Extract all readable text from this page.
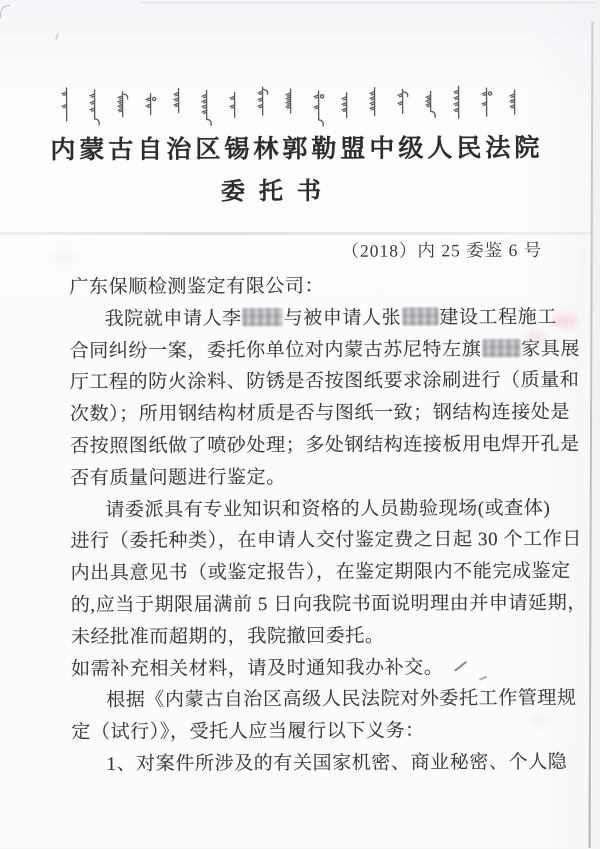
内蒙古自治区锡林郭勒盟中级人民法院
委托书
（2018）内 25 委鉴 6 号
广东保顺检测鉴定有限公司：
我院就申请人李 与被申请人张 建设工程施工
合同纠纷一案，委托你单位对内蒙古苏尼特左旗 家具展
厅工程的防火涂料、防锈是否按图纸要求涂刷进行（质量和
次数）；所用钢结构材质是否与图纸一致；钢结构连接处是
否按照图纸做了喷砂处理；多处钢结构连接板用电焊开孔是
否有质量问题进行鉴定。
请委派具有专业知识和资格的人员勘验现场(或查体)
进行（委托种类），在申请人交付鉴定费之日起 30 个工作日
内出具意见书（或鉴定报告），在鉴定期限内不能完成鉴定
的,应当于期限届满前 5 日向我院书面说明理由并申请延期，
未经批准而超期的，我院撤回委托。
如需补充相关材料，请及时通知我办补交。
根据《内蒙古自治区高级人民法院对外委托工作管理规
定（试行）》，受托人应当履行以下义务：
1、对案件所涉及的有关国家机密、商业秘密、个人隐
